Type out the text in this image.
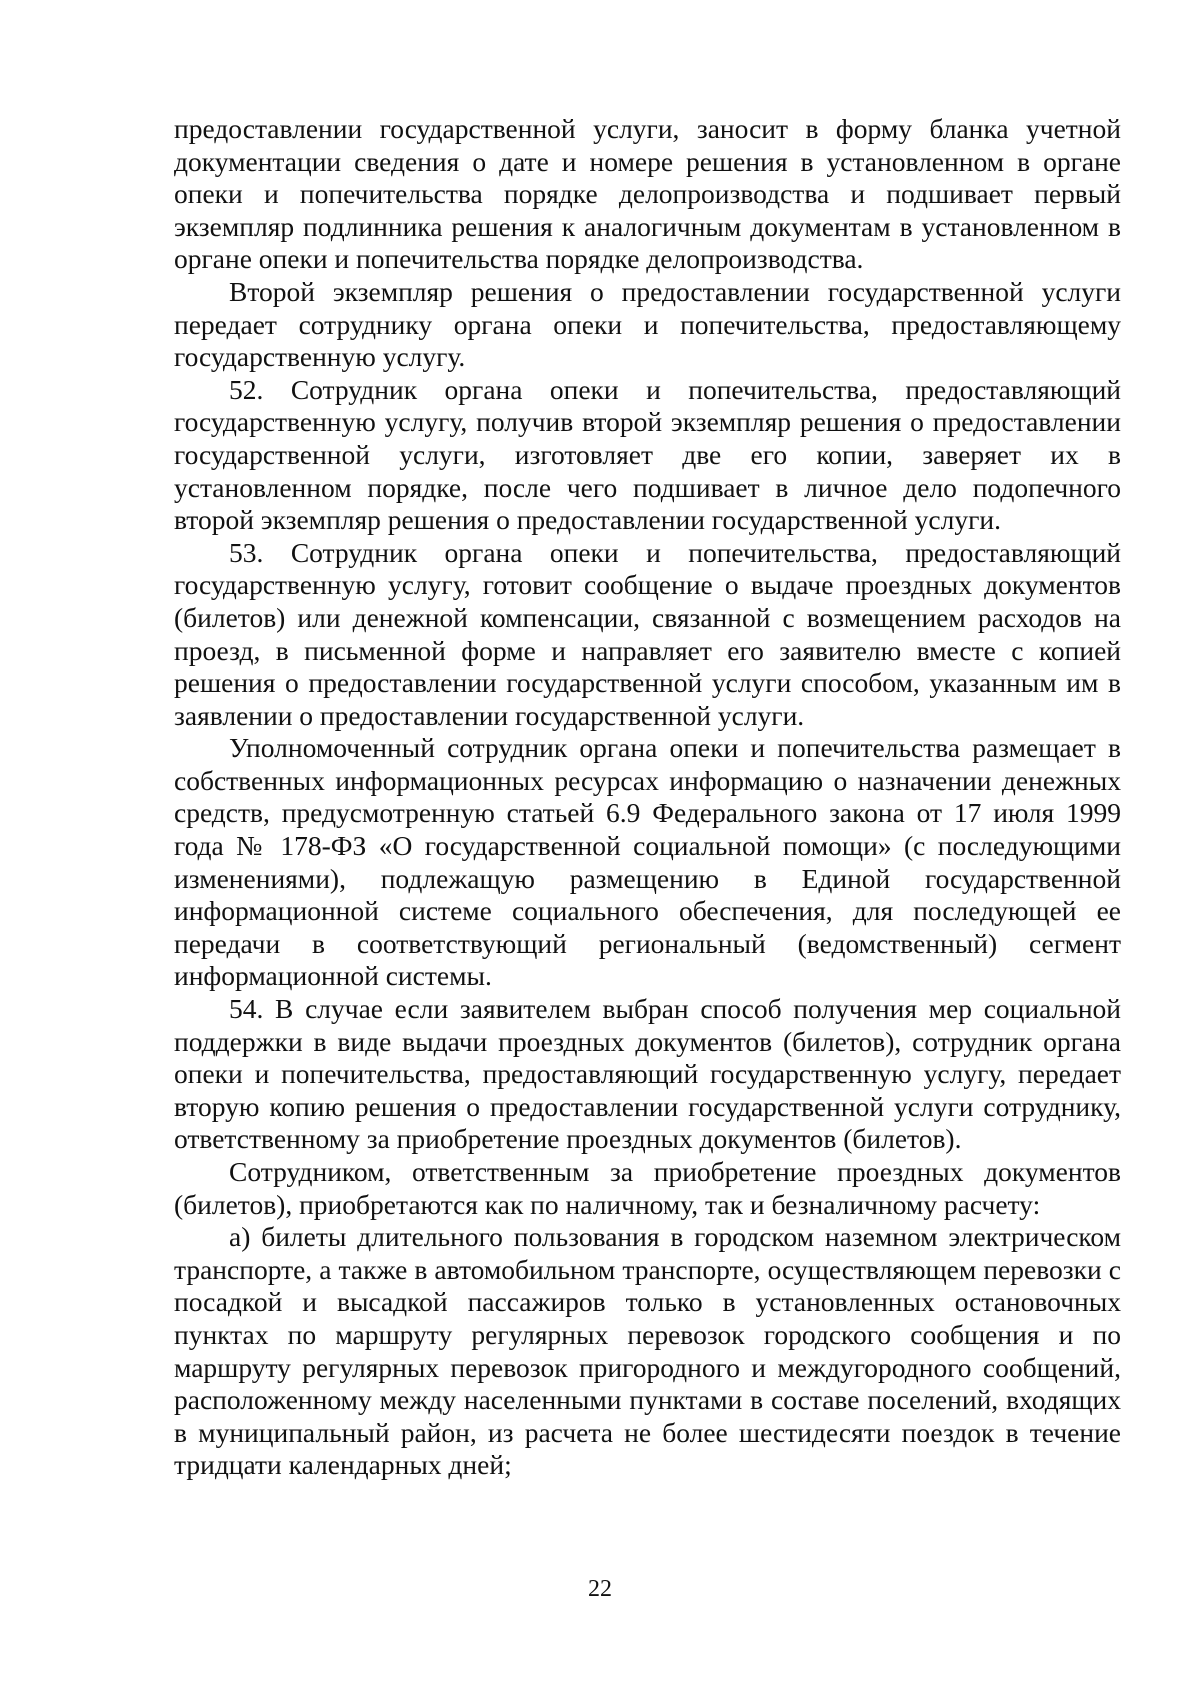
предоставлении государственной услуги, заносит в форму бланка учетной документации сведения о дате и номере решения в установленном в органе опеки и попечительства порядке делопроизводства и подшивает первый экземпляр подлинника решения к аналогичным документам в установленном в органе опеки и попечительства порядке делопроизводства.

Второй экземпляр решения о предоставлении государственной услуги передает сотруднику органа опеки и попечительства, предоставляющему государственную услугу.

52. Сотрудник органа опеки и попечительства, предоставляющий государственную услугу, получив второй экземпляр решения о предоставлении государственной услуги, изготовляет две его копии, заверяет их в установленном порядке, после чего подшивает в личное дело подопечного второй экземпляр решения о предоставлении государственной услуги.

53. Сотрудник органа опеки и попечительства, предоставляющий государственную услугу, готовит сообщение о выдаче проездных документов (билетов) или денежной компенсации, связанной с возмещением расходов на проезд, в письменной форме и направляет его заявителю вместе с копией решения о предоставлении государственной услуги способом, указанным им в заявлении о предоставлении государственной услуги.

Уполномоченный сотрудник органа опеки и попечительства размещает в собственных информационных ресурсах информацию о назначении денежных средств, предусмотренную статьей 6.9 Федерального закона от 17 июля 1999 года № 178-ФЗ «О государственной социальной помощи» (с последующими изменениями), подлежащую размещению в Единой государственной информационной системе социального обеспечения, для последующей ее передачи в соответствующий региональный (ведомственный) сегмент информационной системы.

54. В случае если заявителем выбран способ получения мер социальной поддержки в виде выдачи проездных документов (билетов), сотрудник органа опеки и попечительства, предоставляющий государственную услугу, передает вторую копию решения о предоставлении государственной услуги сотруднику, ответственному за приобретение проездных документов (билетов).

Сотрудником, ответственным за приобретение проездных документов (билетов), приобретаются как по наличному, так и безналичному расчету:

а) билеты длительного пользования в городском наземном электрическом транспорте, а также в автомобильном транспорте, осуществляющем перевозки с посадкой и высадкой пассажиров только в установленных остановочных пунктах по маршруту регулярных перевозок городского сообщения и по маршруту регулярных перевозок пригородного и междугородного сообщений, расположенному между населенными пунктами в составе поселений, входящих в муниципальный район, из расчета не более шестидесяти поездок в течение тридцати календарных дней;

22
